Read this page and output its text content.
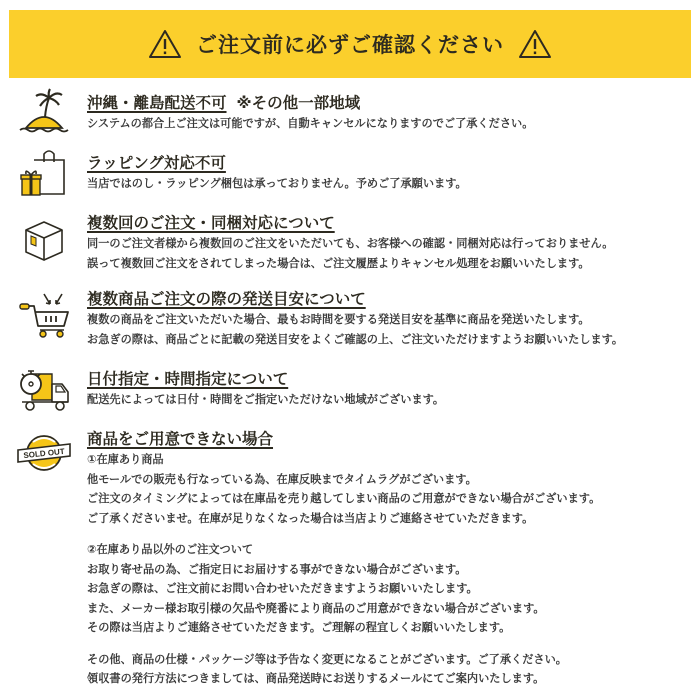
ご注文前に必ずご確認ください
沖縄・離島配送不可 ※その他一部地域
システムの都合上ご注文は可能ですが、自動キャンセルになりますのでご了承ください。
ラッピング対応不可
当店ではのし・ラッピング梱包は承っておりません。予めご了承願います。
複数回のご注文・同梱対応について
同一のご注文者様から複数回のご注文をいただいても、お客様への確認・同梱対応は行っておりません。
誤って複数回ご注文をされてしまった場合は、ご注文履歴よりキャンセル処理をお願いいたします。
複数商品ご注文の際の発送目安について
複数の商品をご注文いただいた場合、最もお時間を要する発送目安を基準に商品を発送いたします。
お急ぎの際は、商品ごとに記載の発送目安をよくご確認の上、ご注文いただけますようお願いいたします。
日付指定・時間指定について
配送先によっては日付・時間をご指定いただけない地域がございます。
SOLD OUT
商品をご用意できない場合
①在庫あり商品
他モールでの販売も行なっている為、在庫反映までタイムラグがございます。
ご注文のタイミングによっては在庫品を売り越してしまい商品のご用意ができない場合がございます。
ご了承くださいませ。在庫が足りなくなった場合は当店よりご連絡させていただきます。
②在庫あり品以外のご注文ついて
お取り寄せ品の為、ご指定日にお届けする事ができない場合がございます。
お急ぎの際は、ご注文前にお問い合わせいただきますようお願いいたします。
また、メーカー様お取引様の欠品や廃番により商品のご用意ができない場合がございます。
その際は当店よりご連絡させていただきます。ご理解の程宜しくお願いいたします。
その他、商品の仕様・パッケージ等は予告なく変更になることがございます。ご了承ください。
領収書の発行方法につきましては、商品発送時にお送りするメールにてご案内いたします。
